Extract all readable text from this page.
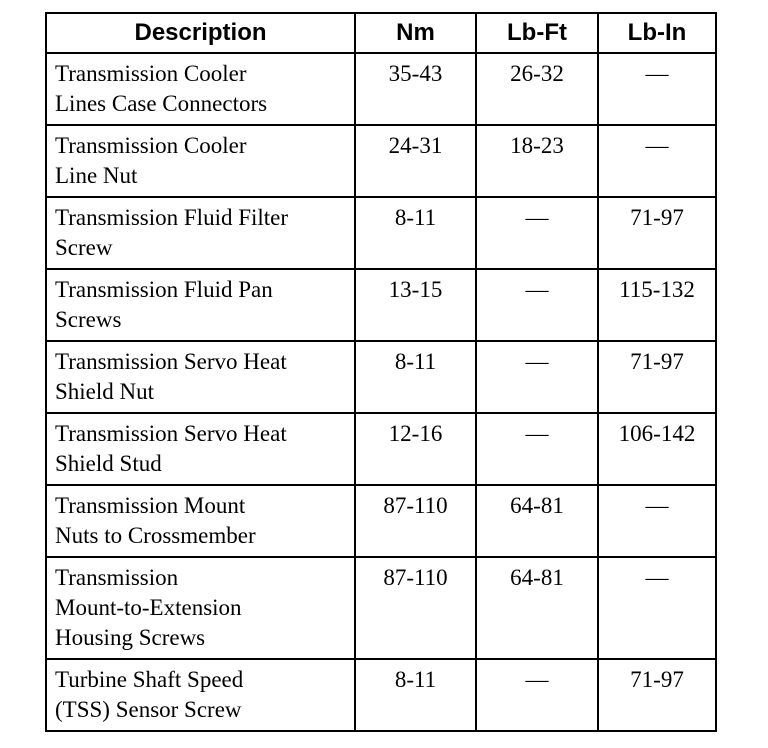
Description	Nm	Lb-Ft	Lb-In

Transmission Cooler
Lines Case Connectors	35-43	26-32	—

Transmission Cooler
Line Nut	24-31	18-23	—

Transmission Fluid Filter
Screw	8-11	—	71-97

Transmission Fluid Pan
Screws	13-15	—	115-132

Transmission Servo Heat
Shield Nut	8-11	—	71-97

Transmission Servo Heat
Shield Stud	12-16	—	106-142

Transmission Mount
Nuts to Crossmember	87-110	64-81	—

Transmission
Mount-to-Extension
Housing Screws	87-110	64-81	—

Turbine Shaft Speed
(TSS) Sensor Screw	8-11	—	71-97
